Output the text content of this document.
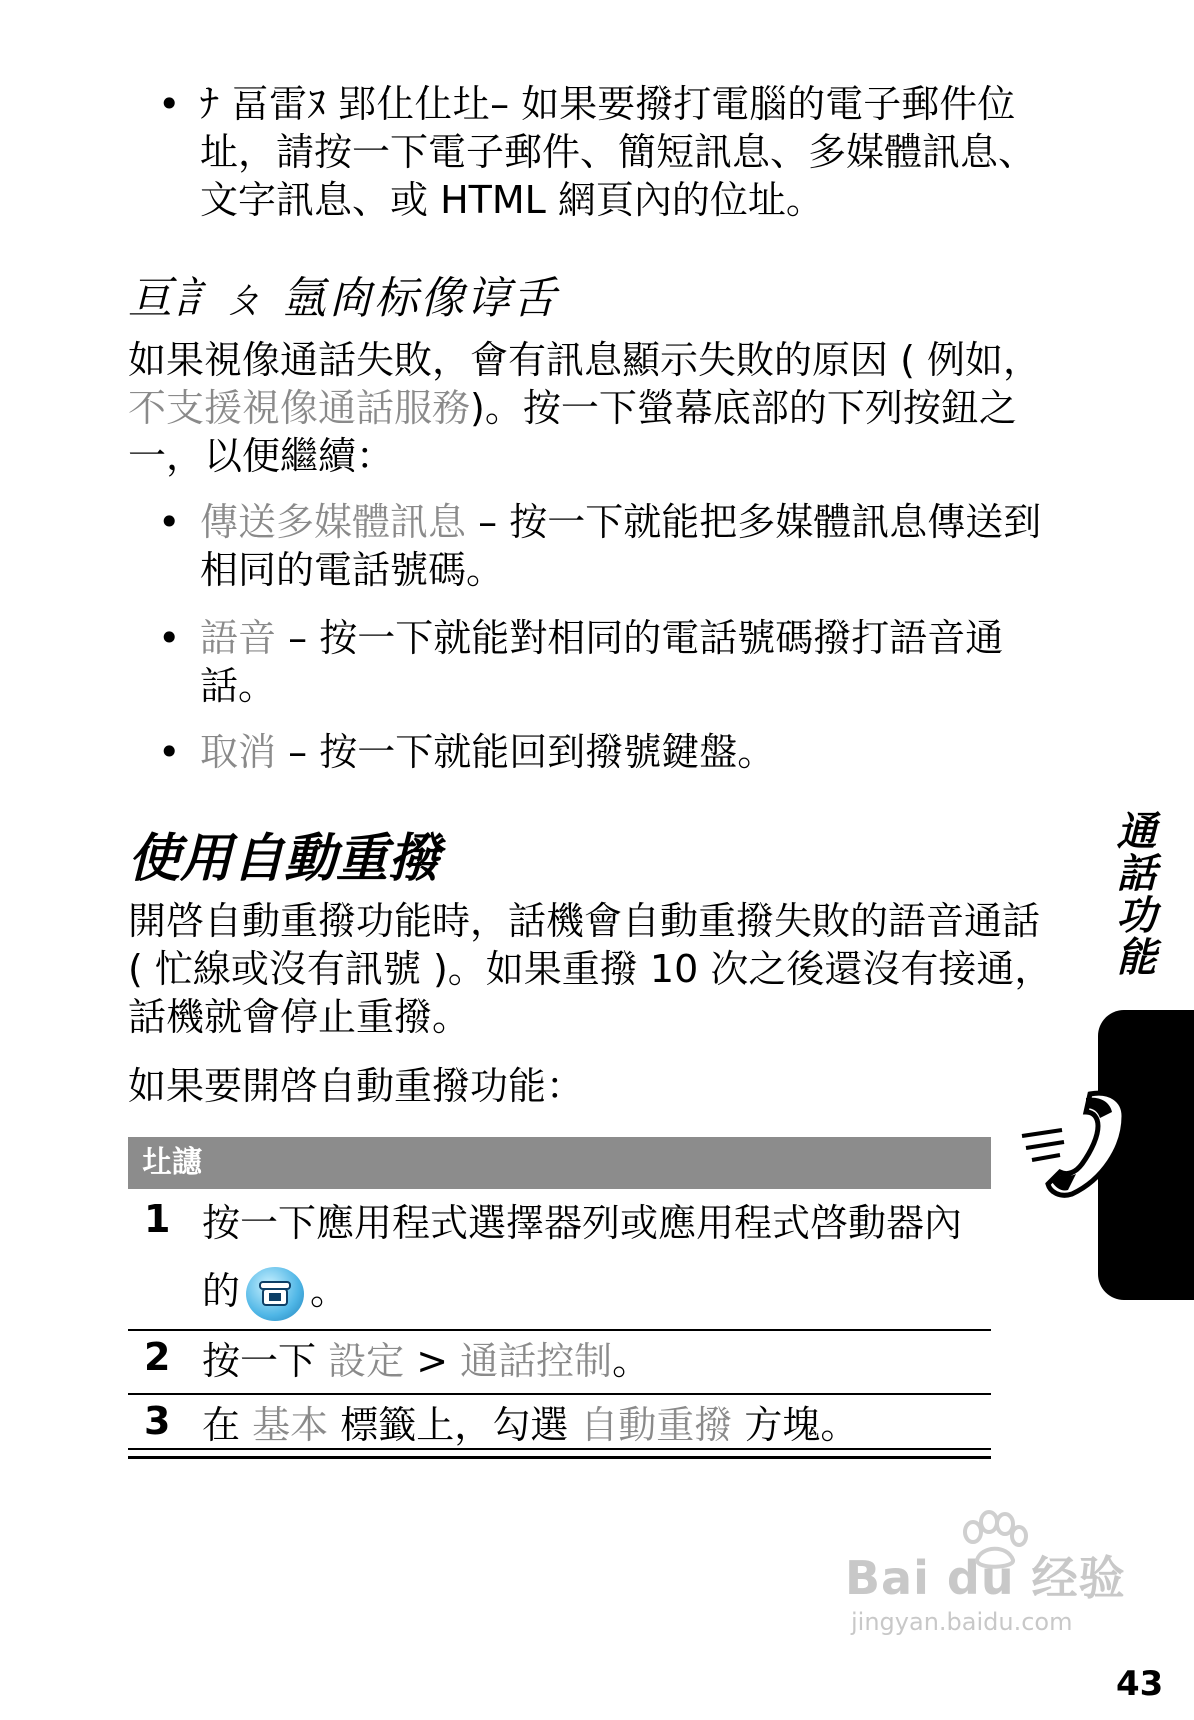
• ﾅ 畐雷ﾇ 郢仩仩圵– 如果要撥打電腦的電子郵件位址，請按一下電子郵件、簡短訊息、多媒體訊息、文字訊息、或 HTML 網頁內的位址。
亘訁ㄆ 氬㕯标像谆舌

如果視像通話失敗，會有訊息顯示失敗的原因 ( 例如，不支援視像通話服務)。按一下螢幕底部的下列按鈕之一，以便繼續：

• 傳送多媒體訊息 – 按一下就能把多媒體訊息傳送到相同的電話號碼。
• 語音 – 按一下就能對相同的電話號碼撥打語音通話。
• 取消 – 按一下就能回到撥號鍵盤。
使用自動重撥

開啓自動重撥功能時，話機會自動重撥失敗的語音通話 ( 忙線或沒有訊號 )。如果重撥 10 次之後還沒有接通，話機就會停止重撥。

如果要開啓自動重撥功能：

圵䜢
1 按一下應用程式選擇器列或應用程式啓動器內的 。
2 按一下 設定 > 通話控制。
3 在 基本 標籤上，勾選 自動重撥 方塊。
通話功能
Bai du 经验
jingyan.baidu.com
43
